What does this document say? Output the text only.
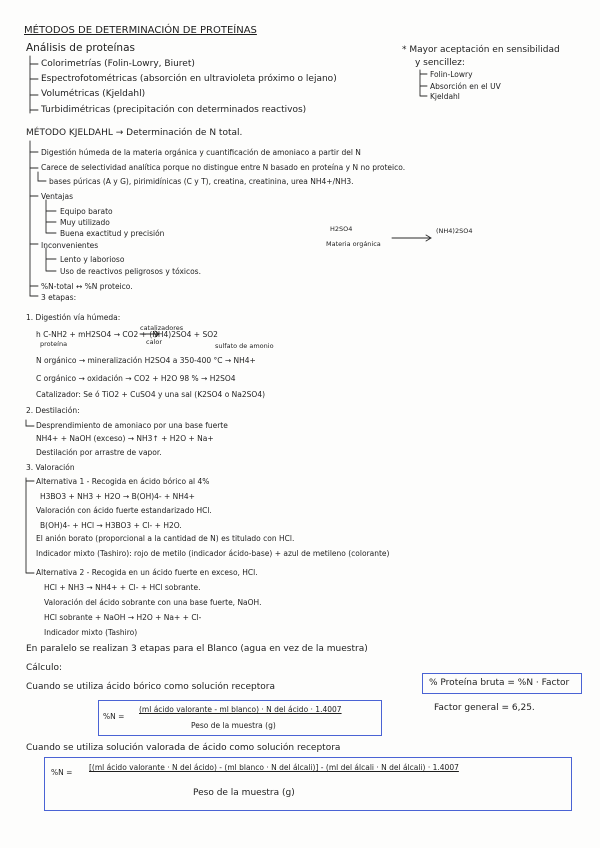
MÉTODOS DE DETERMINACIÓN DE PROTEÍNAS
Análisis de proteínas
Colorimetrías (Folin-Lowry, Biuret)
Espectrofotométricas (absorción en ultravioleta próximo o lejano)
Volumétricas (Kjeldahl)
Turbidimétricas (precipitación con determinados reactivos)
* Mayor aceptación en sensibilidad
y sencillez:
Folin-Lowry
Absorción en el UV
Kjeldahl
MÉTODO KJELDAHL → Determinación de N total.
Digestión húmeda de la materia orgánica y cuantificación de amoniaco a partir del N
Carece de selectividad analítica porque no distingue entre N basado en proteína y N no proteico.
bases púricas (A y G), pirimidínicas (C y T), creatina, creatinina, urea NH4+/NH3.
Ventajas
Equipo barato
Muy utilizado
Buena exactitud y precisión
Inconvenientes
Lento y laborioso
Uso de reactivos peligrosos y tóxicos.
%N-total ↔ %N proteico.
3 etapas:
H2SO4
Materia orgánica
(NH4)2SO4
1. Digestión vía húmeda:
catalizadores
h C-NH2 + mH2SO4 → CO2 + (NH4)2SO4 + SO2
calor
proteína	sulfato de amonio
N orgánico → mineralización H2SO4 a 350-400 °C → NH4+
C orgánico → oxidación → CO2 + H2O 98 % → H2SO4
Catalizador: Se ó TiO2 + CuSO4 y una sal (K2SO4 o Na2SO4)
2. Destilación:
Desprendimiento de amoniaco por una base fuerte
NH4+ + NaOH (exceso) → NH3↑ + H2O + Na+
Destilación por arrastre de vapor.
3. Valoración
Alternativa 1 - Recogida en ácido bórico al 4%
H3BO3 + NH3 + H2O → B(OH)4- + NH4+
Valoración con ácido fuerte estandarizado HCl.
B(OH)4- + HCl → H3BO3 + Cl- + H2O.
El anión borato (proporcional a la cantidad de N) es titulado con HCl.
Indicador mixto (Tashiro): rojo de metilo (indicador ácido-base) + azul de metileno (colorante)
Alternativa 2 - Recogida en un ácido fuerte en exceso, HCl.
HCl + NH3 → NH4+ + Cl- + HCl sobrante.
Valoración del ácido sobrante con una base fuerte, NaOH.
HCl sobrante + NaOH → H2O + Na+ + Cl-
Indicador mixto (Tashiro)
En paralelo se realizan 3 etapas para el Blanco (agua en vez de la muestra)
Cálculo:
Cuando se utiliza ácido bórico como solución receptora	% Proteína bruta = %N · Factor
Factor general = 6,25.
%N =
(ml ácido valorante - ml blanco) · N del ácido · 1.4007
Peso de la muestra (g)
Cuando se utiliza solución valorada de ácido como solución receptora
%N =
[(ml ácido valorante · N del ácido) - (ml blanco · N del álcali)] - (ml del álcali · N del álcali) · 1.4007
Peso de la muestra (g)
